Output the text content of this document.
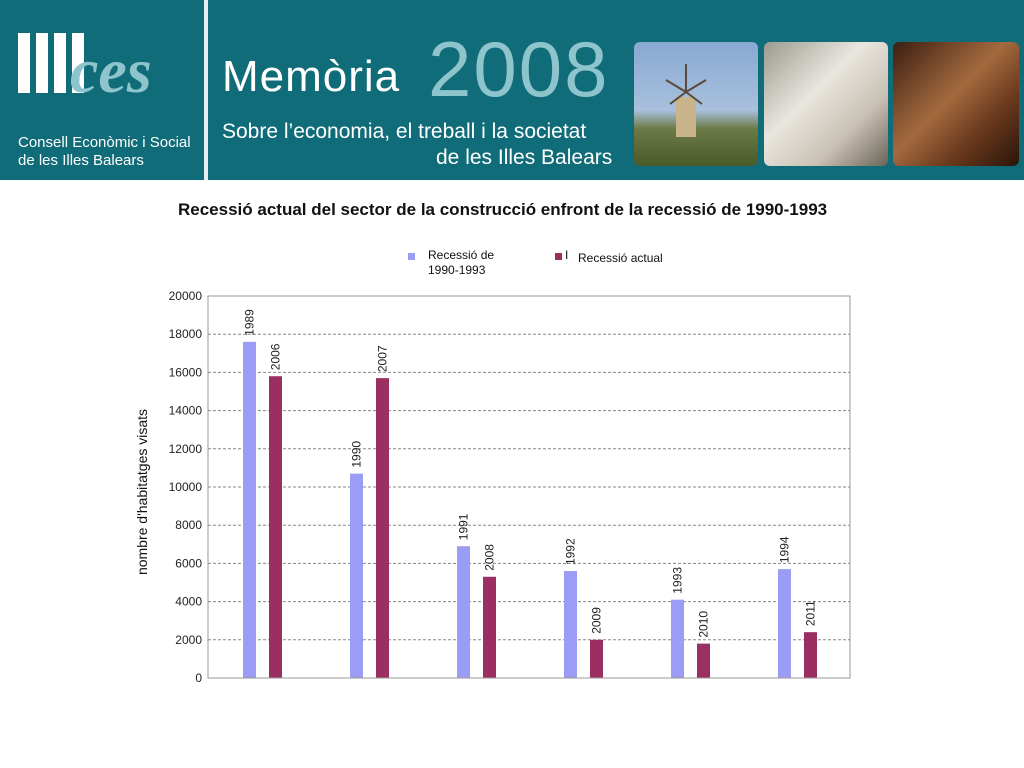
ces
Consell Econòmic i Social
de les Illes Balears
Memòria 2008
Sobre l’economia, el treball i la societat
de les Illes Balears
Recessió actual del sector de la construcció enfront de la recessió de 1990-1993
Recessió de
1990-1993
I Recessió actual
0
2000
4000
6000
8000
10000
12000
14000
16000
18000
20000
1989
1990
1991
1992
1993
1994
2006	2007
2008
2009	2010	2011
nombre d'habitatges visats
